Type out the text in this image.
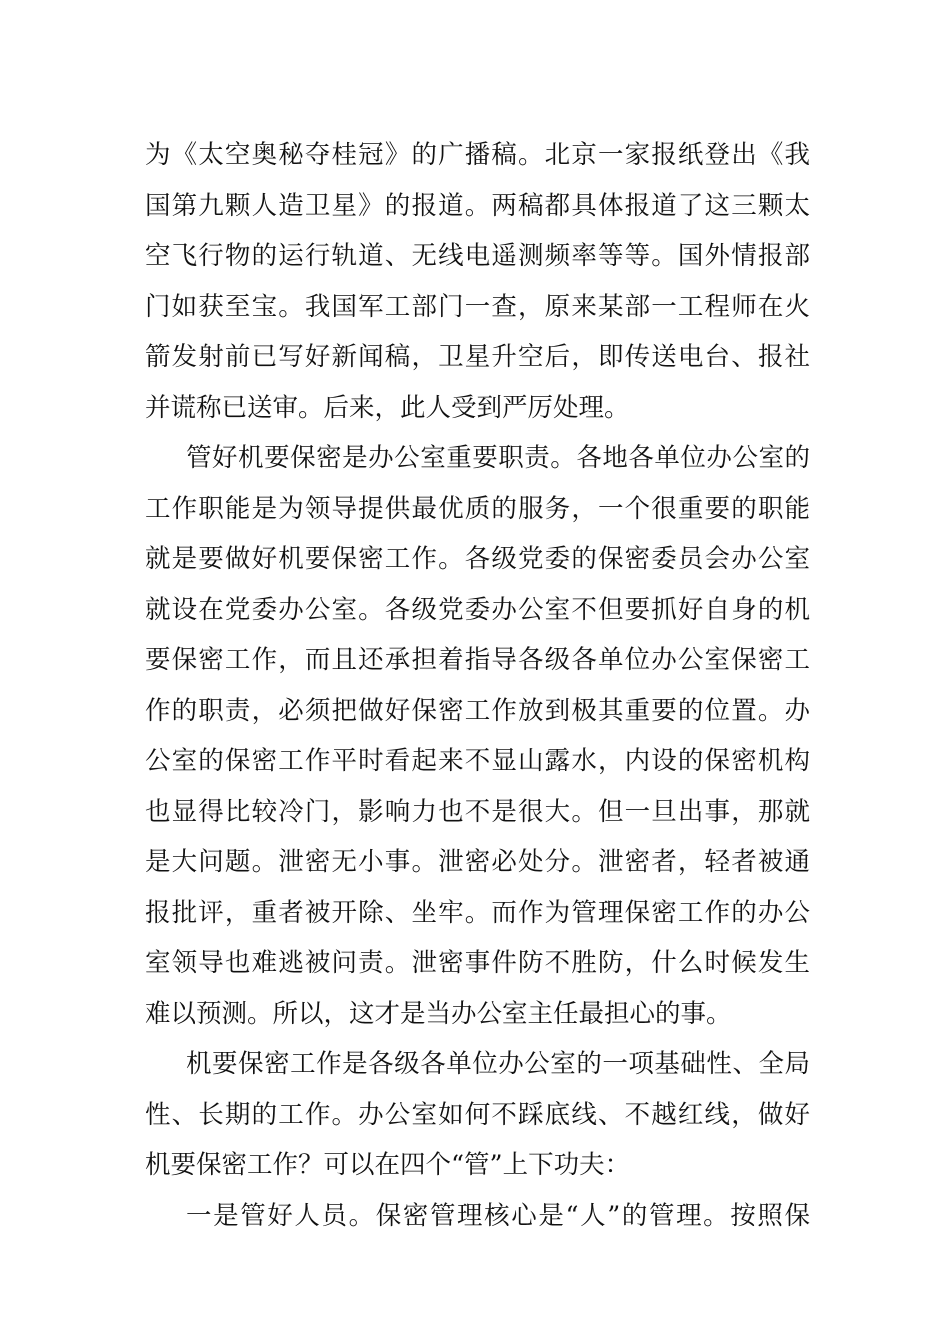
为《太空奥秘夺桂冠》的广播稿。北京一家报纸登出《我
国第九颗人造卫星》的报道。两稿都具体报道了这三颗太
空飞行物的运行轨道、无线电遥测频率等等。国外情报部
门如获至宝。我国军工部门一查，原来某部一工程师在火
箭发射前已写好新闻稿，卫星升空后，即传送电台、报社
并谎称已送审。后来，此人受到严厉处理。
管好机要保密是办公室重要职责。各地各单位办公室的
工作职能是为领导提供最优质的服务，一个很重要的职能
就是要做好机要保密工作。各级党委的保密委员会办公室
就设在党委办公室。各级党委办公室不但要抓好自身的机
要保密工作，而且还承担着指导各级各单位办公室保密工
作的职责，必须把做好保密工作放到极其重要的位置。办
公室的保密工作平时看起来不显山露水，内设的保密机构
也显得比较冷门，影响力也不是很大。但一旦出事，那就
是大问题。泄密无小事。泄密必处分。泄密者，轻者被通
报批评，重者被开除、坐牢。而作为管理保密工作的办公
室领导也难逃被问责。泄密事件防不胜防，什么时候发生
难以预测。所以，这才是当办公室主任最担心的事。
机要保密工作是各级各单位办公室的一项基础性、全局
性、长期的工作。办公室如何不踩底线、不越红线，做好
机要保密工作？可以在四个“管”上下功夫：
一是管好人员。保密管理核心是“人”的管理。按照保
